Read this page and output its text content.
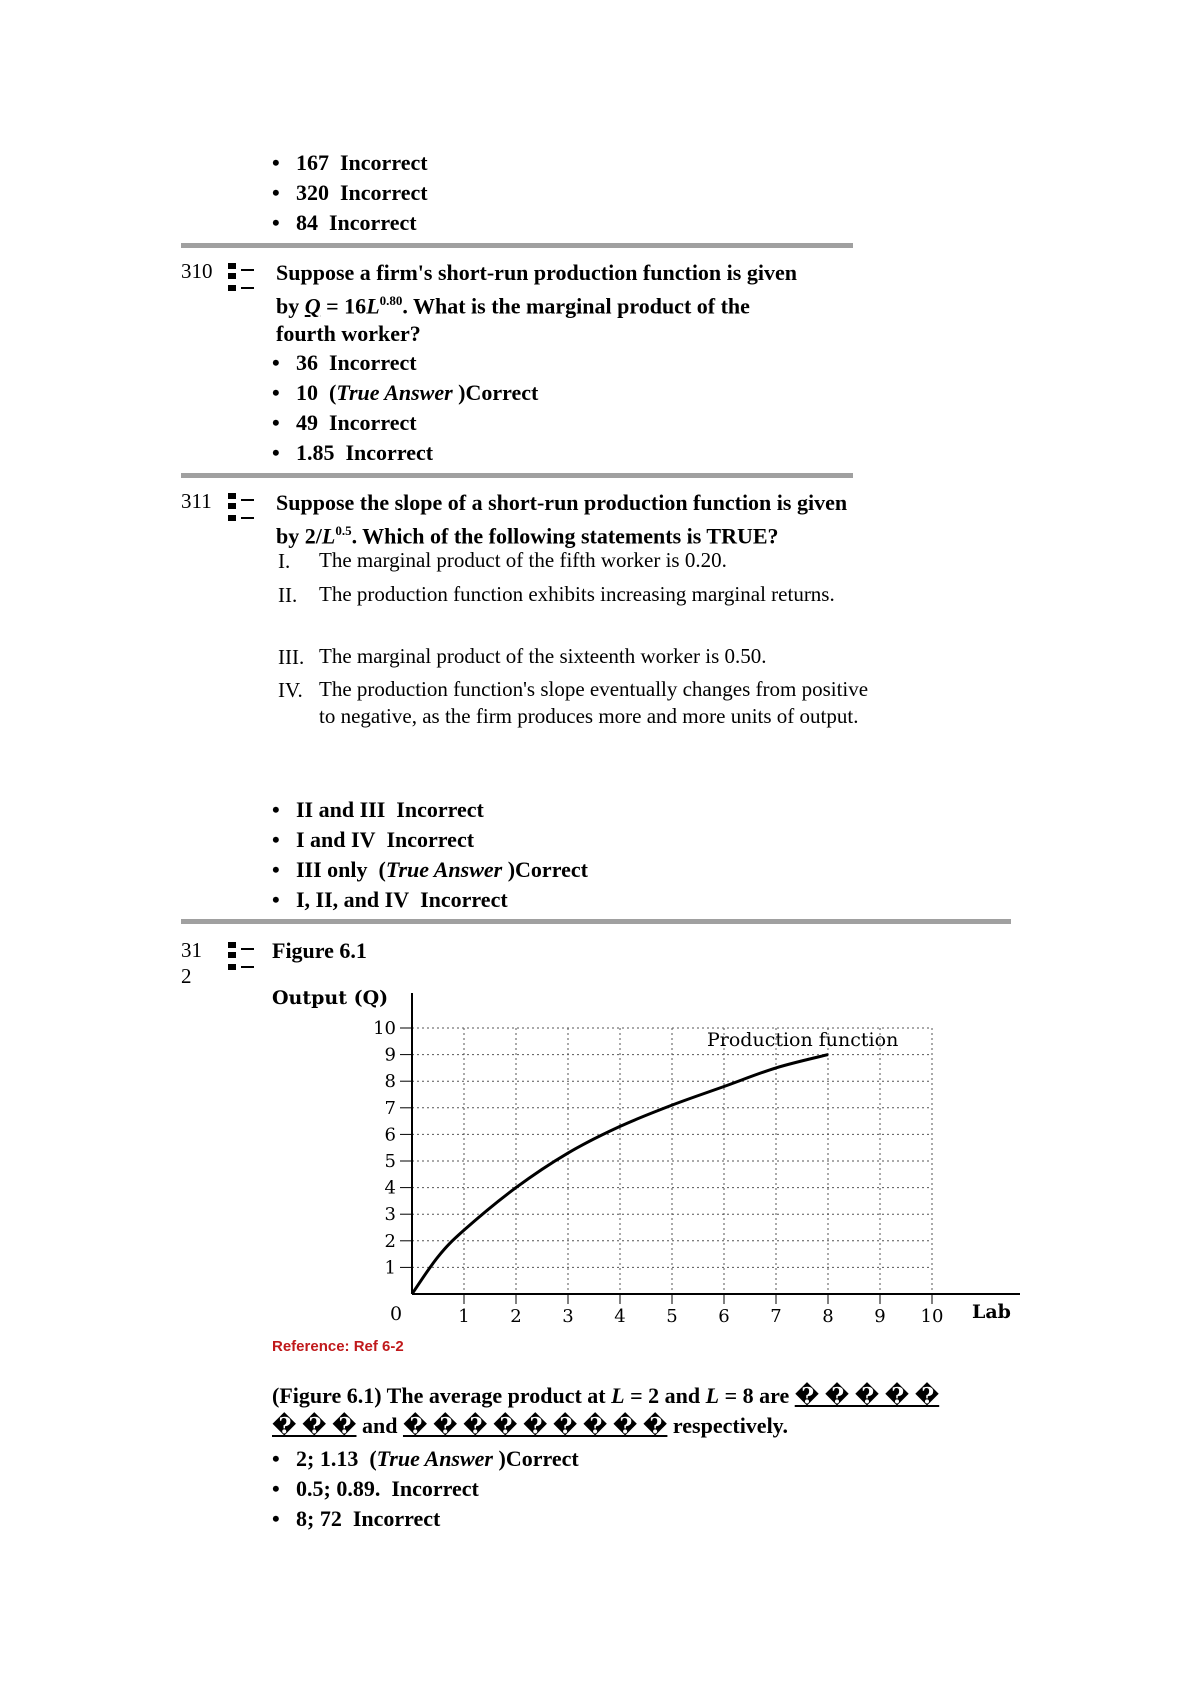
• 167 Incorrect
• 320 Incorrect
• 84 Incorrect
310	Suppose a firm's short-run production function is given
by $Q = 16L^{0.80}$. What is the marginal product of the
fourth worker?
• 36 Incorrect
• 10  (True Answer )Correct
• 49 Incorrect
• 1.85 Incorrect
311	Suppose the slope of a short-run production function is given
by $2/L^{0.5}$. Which of the following statements is TRUE?
I. The marginal product of the fifth worker is 0.20.
II. The production function exhibits increasing marginal returns.
III. The marginal product of the sixteenth worker is 0.50.
IV. The production function's slope eventually changes from positive to negative, as the firm produces more and more units of output.
• II and III Incorrect
• I and IV Incorrect
• III only  (True Answer )Correct
• I, II, and IV Incorrect
31
2
Figure 6.1
1
2
3
4
5
6
7
8
9
10
1 2 3 4 5 6 7 8 9 10
Output (Q)
Lab
0
Production function
Reference: Ref 6-2
(Figure 6.1) The average product at L = 2 and L = 8 are � � � � �
� � � and � � � � � � � � � respectively.
• 2; 1.13  (True Answer )Correct
• 0.5; 0.89. Incorrect
• 8; 72 Incorrect
